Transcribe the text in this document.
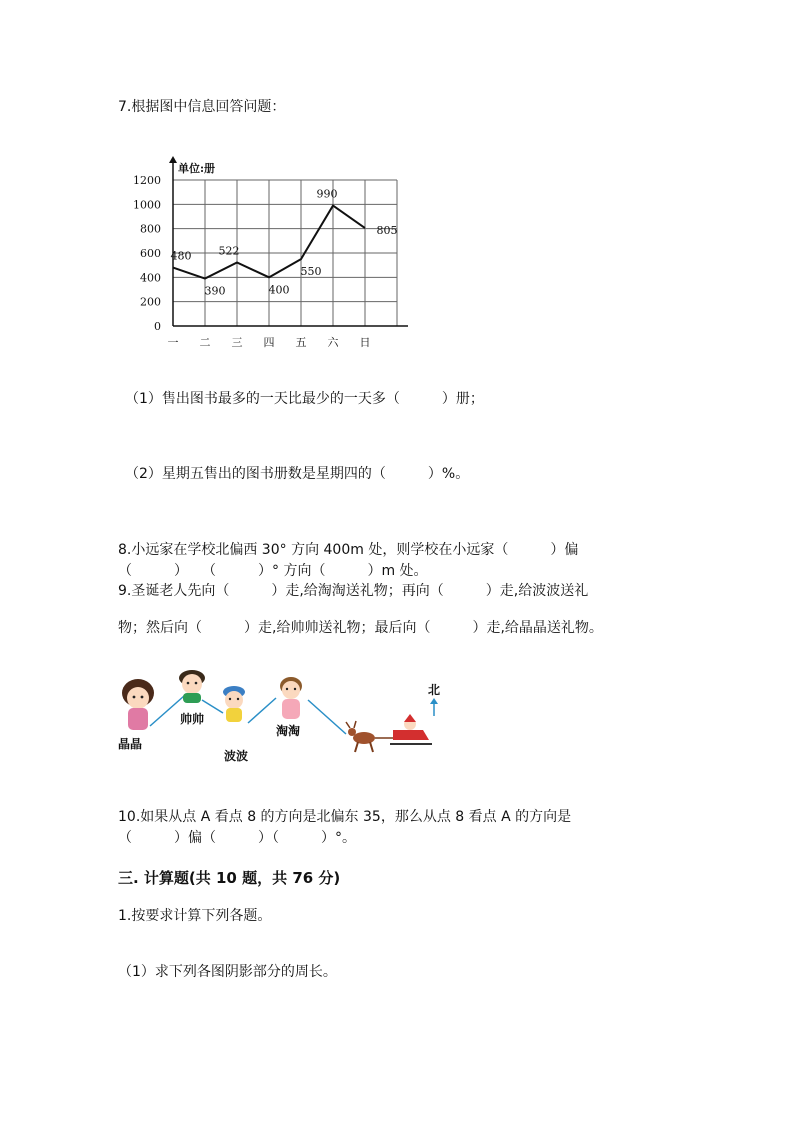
7.根据图中信息回答问题：
单位:册
0
200
400
600
800
1000
1200
一 二 三 四 五 六 日
480
390
522
400
550
990
805
（1）售出图书最多的一天比最少的一天多（　　　）册；
（2）星期五售出的图书册数是星期四的（　　　）%。
8.小远家在学校北偏西 30° 方向 400m 处，则学校在小远家（　　　）偏
（　　　）　　（　　　）° 方向（　　　）m 处。
9.圣诞老人先向（　　　）走,给淘淘送礼物；再向（　　　）走,给波波送礼
物；然后向（　　　）走,给帅帅送礼物；最后向（　　　）走,给晶晶送礼物。
晶晶
帅帅
波波
淘淘
北
10.如果从点 A 看点 8 的方向是北偏东 35，那么从点 8 看点 A 的方向是
（　　　）偏（　　　）（　　　）°。
三. 计算题(共 10 题，共 76 分)
1.按要求计算下列各题。
（1）求下列各图阴影部分的周长。
